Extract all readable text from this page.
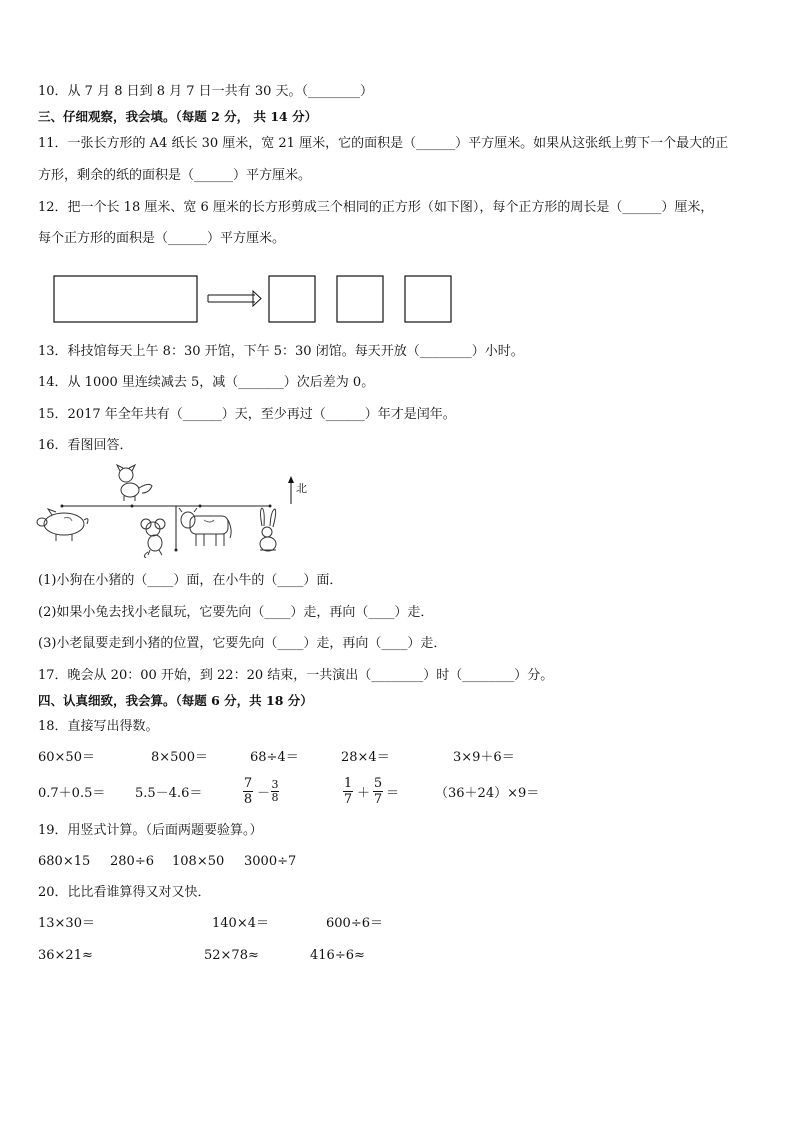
10．从 7 月 8 日到 8 月 7 日一共有 30 天。（________）
三、仔细观察，我会填。（每题 2 分， 共 14 分）
11．一张长方形的 A4 纸长 30 厘米，宽 21 厘米，它的面积是（______）平方厘米。如果从这张纸上剪下一个最大的正
方形，剩余的纸的面积是（______）平方厘米。
12．把一个长 18 厘米、宽 6 厘米的长方形剪成三个相同的正方形（如下图），每个正方形的周长是（______）厘米，
每个正方形的面积是（______）平方厘米。
13．科技馆每天上午 8：30 开馆，下午 5：30 闭馆。每天开放（________）小时。
14．从 1000 里连续减去 5，减（_______）次后差为 0。
15．2017 年全年共有（______）天，至少再过（______）年才是闰年。
16．看图回答．
北
(1)小狗在小猪的（____）面，在小牛的（____）面．
(2)如果小兔去找小老鼠玩，它要先向（____）走，再向（____）走．
(3)小老鼠要走到小猪的位置，它要先向（____）走，再向（____）走．
17．晚会从 20：00 开始，到 22：20 结束，一共演出（________）时（________）分。
四、认真细致，我会算。（每题 6 分，共 18 分）
18．直接写出得数。
60×50＝	8×500＝	68÷4＝	28×4＝	3×9＋6＝
0.7＋0.5＝ 5.5－4.6＝	$\frac{7}{8} - \frac{3}{8}$	$\frac{1}{7} + \frac{5}{7}$ ＝	（36＋24）×9＝
19．用竖式计算。（后面两题要验算。）
680×15 280÷6 108×50 3000÷7
20．比比看谁算得又对又快．
13×30＝	140×4＝	600÷6＝
36×21≈	52×78≈	416÷6≈
